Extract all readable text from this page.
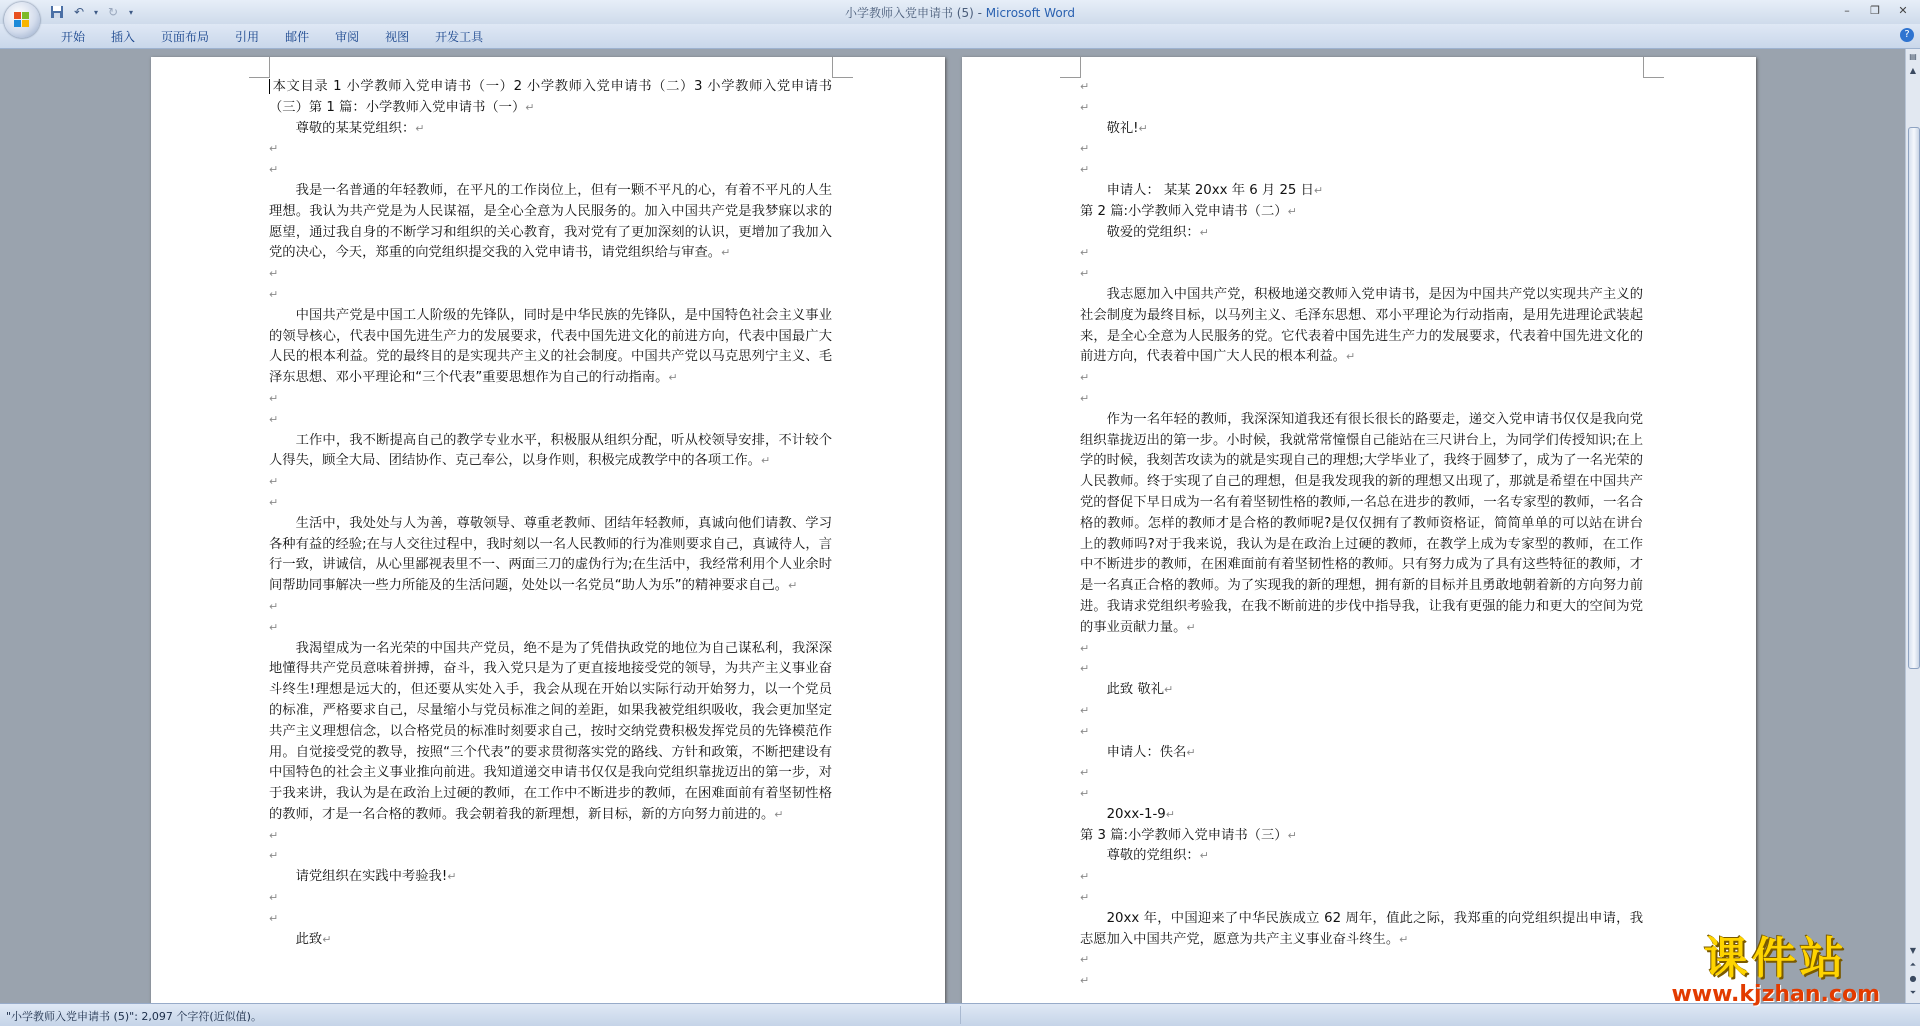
↶	▾ ↻	▾	小学教师入党申请书 (5) - Microsoft Word	–	❐	✕
开始	插入	页面布局	引用	邮件	审阅	视图	开发工具	?

本文目录 1 小学教师入党申请书（一）2 小学教师入党申请书（二）3 小学教师入党申请书（三）第 1 篇：小学教师入党申请书（一）↵

尊敬的某某党组织：↵

↵

↵

我是一名普通的年轻教师，在平凡的工作岗位上，但有一颗不平凡的心，有着不平凡的人生理想。我认为共产党是为人民谋福，是全心全意为人民服务的。加入中国共产党是我梦寐以求的愿望，通过我自身的不断学习和组织的关心教育，我对党有了更加深刻的认识，更增加了我加入党的决心，今天，郑重的向党组织提交我的入党申请书，请党组织给与审查。↵

↵

↵

中国共产党是中国工人阶级的先锋队，同时是中华民族的先锋队，是中国特色社会主义事业的领导核心，代表中国先进生产力的发展要求，代表中国先进文化的前进方向，代表中国最广大人民的根本利益。党的最终目的是实现共产主义的社会制度。中国共产党以马克思列宁主义、毛泽东思想、邓小平理论和“三个代表”重要思想作为自己的行动指南。↵

↵

↵

工作中，我不断提高自己的教学专业水平，积极服从组织分配，听从校领导安排，不计较个人得失，顾全大局、团结协作、克己奉公，以身作则，积极完成教学中的各项工作。↵

↵

↵

生活中，我处处与人为善，尊敬领导、尊重老教师、团结年轻教师，真诚向他们请教、学习各种有益的经验;在与人交往过程中，我时刻以一名人民教师的行为准则要求自己，真诚待人，言行一致，讲诚信，从心里鄙视表里不一、两面三刀的虚伪行为;在生活中，我经常利用个人业余时间帮助同事解决一些力所能及的生活问题，处处以一名党员“助人为乐”的精神要求自己。↵

↵

↵

我渴望成为一名光荣的中国共产党员，绝不是为了凭借执政党的地位为自己谋私利，我深深地懂得共产党员意味着拼搏，奋斗，我入党只是为了更直接地接受党的领导，为共产主义事业奋斗终生!理想是远大的，但还要从实处入手，我会从现在开始以实际行动开始努力，以一个党员的标准，严格要求自己，尽量缩小与党员标准之间的差距，如果我被党组织吸收，我会更加坚定共产主义理想信念，以合格党员的标准时刻要求自己，按时交纳党费积极发挥党员的先锋模范作用。自觉接受党的教导，按照“三个代表”的要求贯彻落实党的路线、方针和政策，不断把建设有中国特色的社会主义事业推向前进。我知道递交申请书仅仅是我向党组织靠拢迈出的第一步，对于我来讲，我认为是在政治上过硬的教师，在工作中不断进步的教师，在困难面前有着坚韧性格的教师，才是一名合格的教师。我会朝着我的新理想，新目标，新的方向努力前进的。↵

↵

↵

请党组织在实践中考验我!↵

↵

↵

此致↵

↵

↵

敬礼!↵

↵

↵

申请人： 某某 20xx 年 6 月 25 日↵

第 2 篇:小学教师入党申请书（二）↵

敬爱的党组织：↵

↵

↵

我志愿加入中国共产党，积极地递交教师入党申请书，是因为中国共产党以实现共产主义的社会制度为最终目标，以马列主义、毛泽东思想、邓小平理论为行动指南，是用先进理论武装起来，是全心全意为人民服务的党。它代表着中国先进生产力的发展要求，代表着中国先进文化的前进方向，代表着中国广大人民的根本利益。↵

↵

↵

作为一名年轻的教师，我深深知道我还有很长很长的路要走，递交入党申请书仅仅是我向党组织靠拢迈出的第一步。小时候，我就常常憧憬自己能站在三尺讲台上，为同学们传授知识;在上学的时候，我刻苦攻读为的就是实现自己的理想;大学毕业了，我终于圆梦了，成为了一名光荣的人民教师。终于实现了自己的理想，但是我发现我的新的理想又出现了，那就是希望在中国共产党的督促下早日成为一名有着坚韧性格的教师,一名总在进步的教师，一名专家型的教师，一名合格的教师。怎样的教师才是合格的教师呢?是仅仅拥有了教师资格证，简简单单的可以站在讲台上的教师吗?对于我来说，我认为是在政治上过硬的教师，在教学上成为专家型的教师，在工作中不断进步的教师，在困难面前有着坚韧性格的教师。只有努力成为了具有这些特征的教师，才是一名真正合格的教师。为了实现我的新的理想，拥有新的目标并且勇敢地朝着新的方向努力前进。我请求党组织考验我，在我不断前进的步伐中指导我，让我有更强的能力和更大的空间为党的事业贡献力量。↵

↵

↵

此致 敬礼↵

↵

↵

申请人：佚名↵

↵

↵

20xx-1-9↵

第 3 篇:小学教师入党申请书（三）↵

尊敬的党组织：↵

↵

↵

20xx 年，中国迎来了中华民族成立 62 周年，值此之际，我郑重的向党组织提出申请，我志愿加入中国共产党，愿意为共产主义事业奋斗终生。↵

↵

↵

▤
▲
▼
⏶
●
⏷
"小学教师入党申请书 (5)": 2,097 个字符(近似值)。
课件站
www.kjzhan.com
